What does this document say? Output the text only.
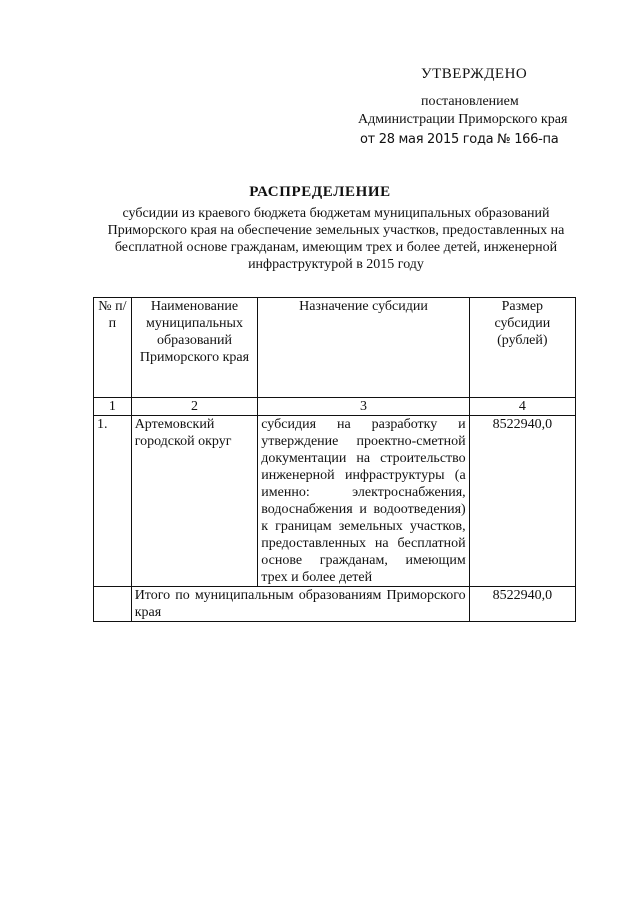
УТВЕРЖДЕНО
постановлением
Администрации Приморского края
от 28 мая 2015 года № 166-па
РАСПРЕДЕЛЕНИЕ
субсидии из краевого бюджета бюджетам муниципальных образований Приморского края на обеспечение земельных участков, предоставленных на бесплатной основе гражданам, имеющим трех и более детей, инженерной инфраструктурой в 2015 году
№ п/п	Наименование муниципальных образований Приморского края	Назначение субсидии	Размер субсидии (рублей)
1	2	3	4
1.	Артемовский городской округ	субсидия на разработку и утверждение проектно-сметной документации на строительство инженерной инфраструктуры (а именно: электроснабжения, водоснабжения и водоотведения) к границам земельных участков, предоставленных на бесплатной основе гражданам, имеющим трех и более детей	8522940,0
	Итого по муниципальным образованиям Приморского края		8522940,0
